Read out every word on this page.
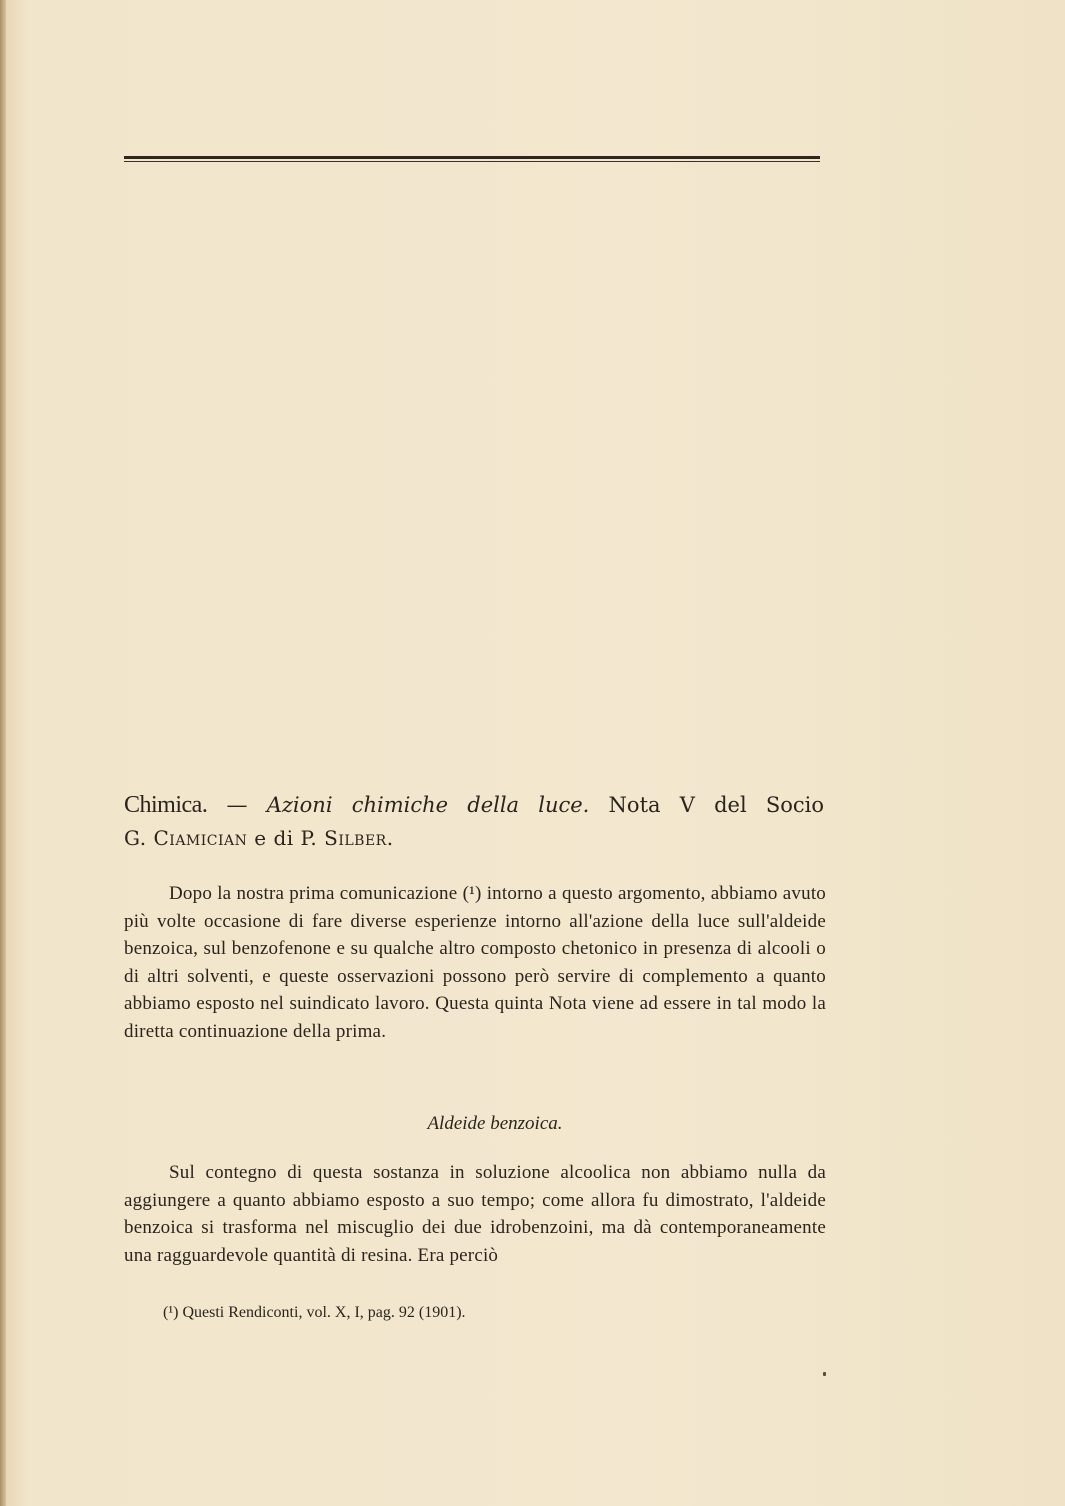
Chimica. — Azioni chimiche della luce. Nota V del Socio
G. Ciamician e di P. Silber.
Dopo la nostra prima comunicazione (¹) intorno a questo argomento, abbiamo avuto più volte occasione di fare diverse esperienze intorno all'azione della luce sull'aldeide benzoica, sul benzofenone e su qualche altro composto chetonico in presenza di alcooli o di altri solventi, e queste osservazioni possono però servire di complemento a quanto abbiamo esposto nel suindicato lavoro. Questa quinta Nota viene ad essere in tal modo la diretta continuazione della prima.
Aldeide benzoica.
Sul contegno di questa sostanza in soluzione alcoolica non abbiamo nulla da aggiungere a quanto abbiamo esposto a suo tempo; come allora fu dimostrato, l'aldeide benzoica si trasforma nel miscuglio dei due idrobenzoini, ma dà contemporaneamente una ragguardevole quantità di resina. Era perciò
(¹) Questi Rendiconti, vol. X, I, pag. 92 (1901).
